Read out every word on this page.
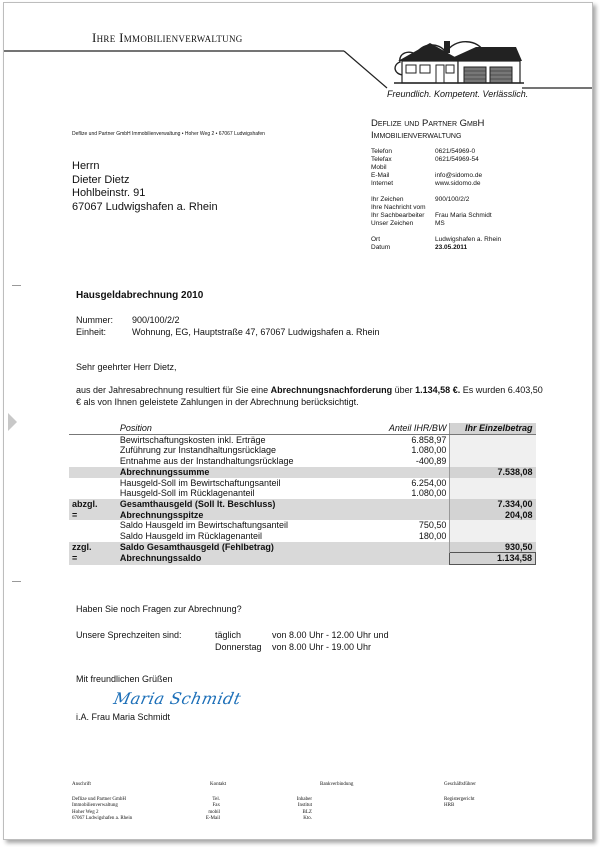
Ihre Immobilienverwaltung
Freundlich. Kompetent. Verlässlich.
Deflize und Partner GmbH Immobilienverwaltung • Hoher Weg 2 • 67067 Ludwigshafen
Herrn
Dieter Dietz
Hohlbeinstr. 91
67067 Ludwigshafen a. Rhein
Deflize und Partner GmbH
Immobilienverwaltung
Telefon	0621/54969-0
Telefax	0621/54969-54
Mobil
E-Mail	info@sidomo.de
Internet	www.sidomo.de
Ihr Zeichen	900/100/2/2
Ihre Nachricht vom
Ihr Sachbearbeiter	Frau Maria Schmidt
Unser Zeichen	MS
Ort	Ludwigshafen a. Rhein
Datum	23.05.2011
Hausgeldabrechnung 2010
Nummer:	900/100/2/2
Einheit:	Wohnung, EG, Hauptstraße 47, 67067 Ludwigshafen a. Rhein
Sehr geehrter Herr Dietz,
aus der Jahresabrechnung resultiert für Sie eine Abrechnungsnachforderung über 1.134,58 €. Es wurden 6.403,50 € als von Ihnen geleistete Zahlungen in der Abrechnung berücksichtigt.
	Position	Anteil IHR/BW	Ihr Einzelbetrag
	Bewirtschaftungskosten inkl. Erträge	6.858,97	
	Zuführung zur Instandhaltungsrücklage	1.080,00	
	Entnahme aus der Instandhaltungsrücklage	-400,89	
	Abrechnungssumme		7.538,08
	Hausgeld-Soll im Bewirtschaftungsanteil	6.254,00	
	Hausgeld-Soll im Rücklagenanteil	1.080,00	
abzgl.	Gesamthausgeld (Soll lt. Beschluss)		7.334,00
=	Abrechnungsspitze		204,08
	Saldo Hausgeld im Bewirtschaftungsanteil	750,50	
	Saldo Hausgeld im Rücklagenanteil	180,00	
zzgl.	Saldo Gesamthausgeld (Fehlbetrag)		930,50
=	Abrechnungssaldo		1.134,58
Haben Sie noch Fragen zur Abrechnung?
Unsere Sprechzeiten sind:	täglich	von 8.00 Uhr - 12.00 Uhr und
Donnerstag	von 8.00 Uhr - 19.00 Uhr
Mit freundlichen Grüßen
Maria Schmidt
i.A. Frau Maria Schmidt
Anschrift
Deflize und Partner GmbH
Immobilienverwaltung
Hoher Weg 2
67067 Ludwigshafen a. Rhein
Kontakt
Tel.
Fax
mobil
E-Mail
Bankverbindung
Inhaber
Institut
BLZ
Kto.
Geschäftsführer
Registergericht
HRB
